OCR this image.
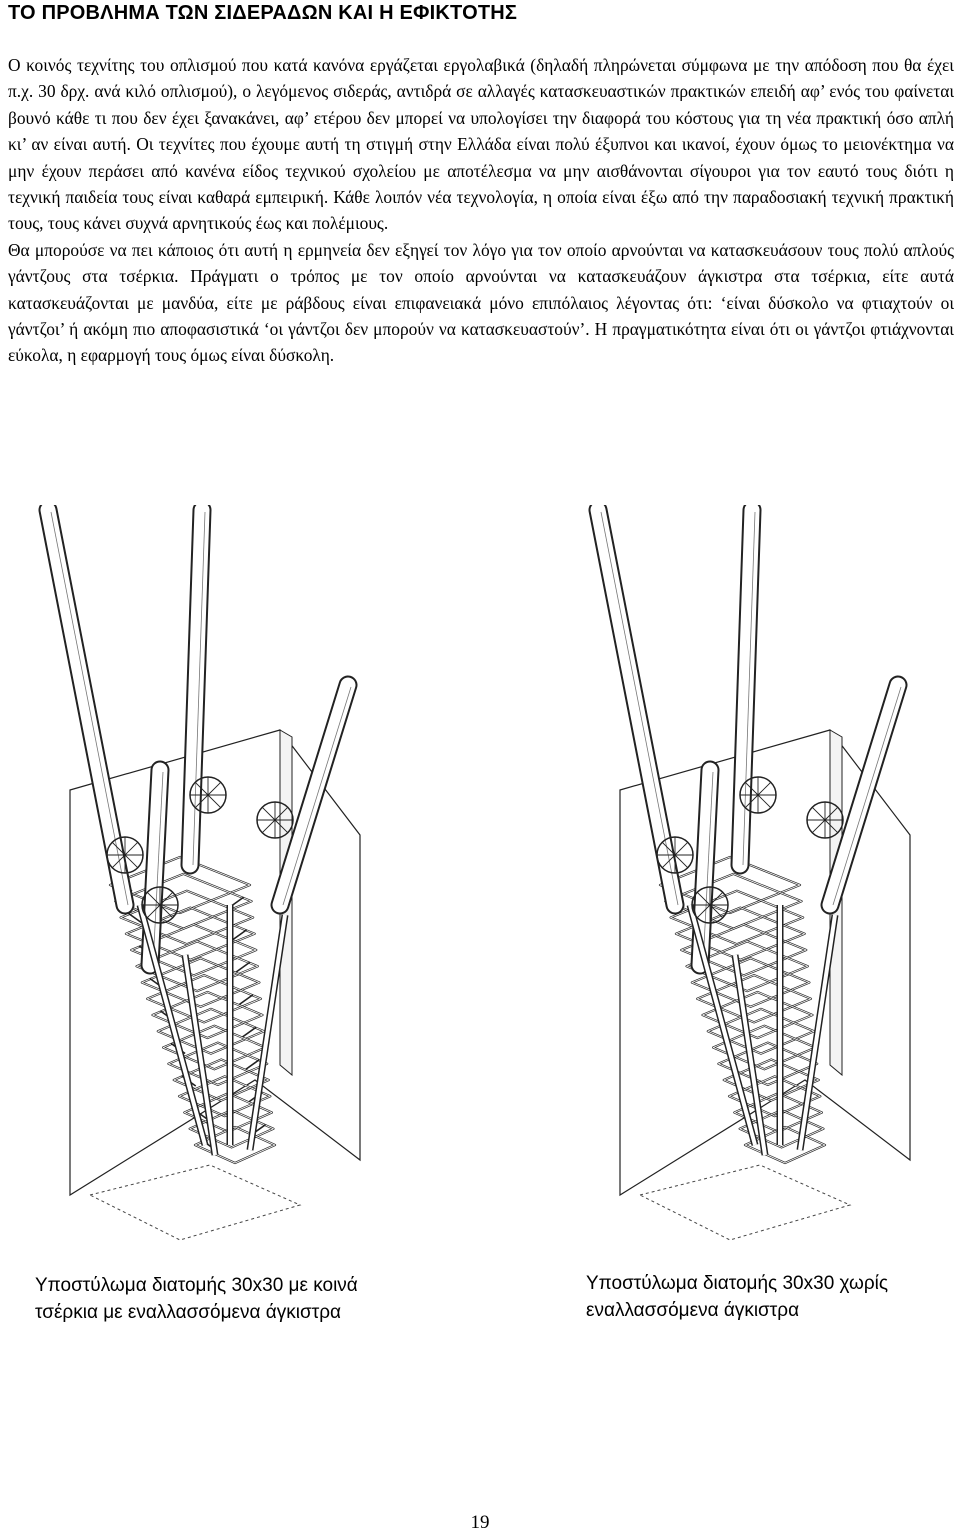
ΤΟ ΠΡΟΒΛΗΜΑ ΤΩΝ ΣΙΔΕΡΑΔΩΝ ΚΑΙ Η ΕΦΙΚΤΟΤΗΣ

Ο κοινός τεχνίτης του οπλισμού που κατά κανόνα εργάζεται εργολαβικά (δηλαδή πληρώνεται σύμφωνα με την απόδοση που θα έχει π.χ. 30 δρχ. ανά κιλό οπλισμού), ο λεγόμενος σιδεράς, αντιδρά σε αλλαγές κατασκευαστικών πρακτικών επειδή αφ’ ενός του φαίνεται βουνό κάθε τι που δεν έχει ξανακάνει, αφ’ ετέρου δεν μπορεί να υπολογίσει την διαφορά του κόστους για τη νέα πρακτική όσο απλή κι’ αν είναι αυτή. Οι τεχνίτες που έχουμε αυτή τη στιγμή στην Ελλάδα είναι πολύ έξυπνοι και ικανοί, έχουν όμως το μειονέκτημα να μην έχουν περάσει από κανένα είδος τεχνικού σχολείου με αποτέλεσμα να μην αισθάνονται σίγουροι για τον εαυτό τους διότι η τεχνική παιδεία τους είναι καθαρά εμπειρική. Κάθε λοιπόν νέα τεχνολογία, η οποία είναι έξω από την παραδοσιακή τεχνική πρακτική τους, τους κάνει συχνά αρνητικούς έως και πολέμιους.

Θα μπορούσε να πει κάποιος ότι αυτή η ερμηνεία δεν εξηγεί τον λόγο για τον οποίο αρνούνται να κατασκευάσουν τους πολύ απλούς γάντζους στα τσέρκια. Πράγματι ο τρόπος με τον οποίο αρνούνται να κατασκευάζουν άγκιστρα στα τσέρκια, είτε αυτά κατασκευάζονται με μανδύα, είτε με ράβδους είναι επιφανειακά μόνο επιπόλαιος λέγοντας ότι: ‘είναι δύσκολο να φτιαχτούν οι γάντζοι’ ή ακόμη πιο αποφασιστικά ‘οι γάντζοι δεν μπορούν να κατασκευαστούν’. Η πραγματικότητα είναι ότι οι γάντζοι φτιάχνονται εύκολα, η εφαρμογή τους όμως είναι δύσκολη.

Υποστύλωμα διατομής 30x30 με κοινά τσέρκια με εναλλασσόμενα άγκιστρα
Υποστύλωμα διατομής 30x30 χωρίς εναλλασσόμενα άγκιστρα
19
